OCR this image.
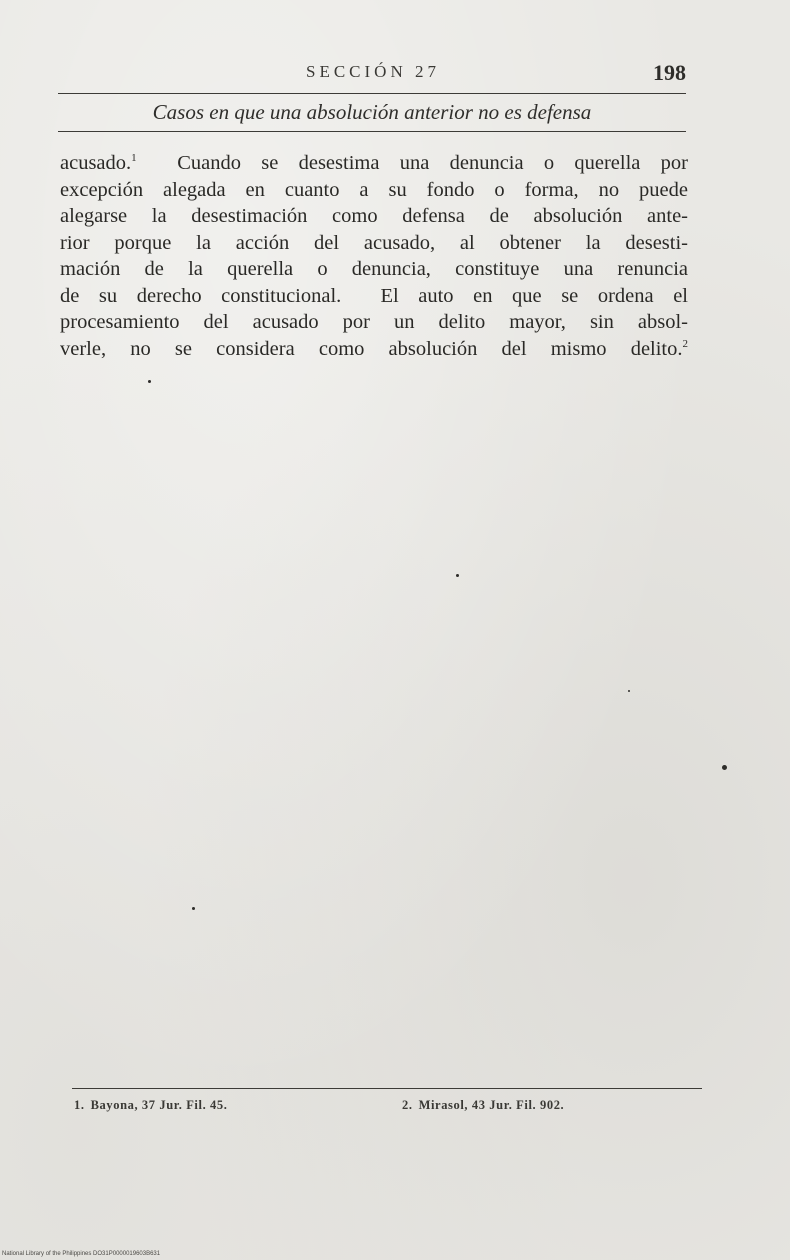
SECCIÓN 27	198
Casos en que una absolución anterior no es defensa
acusado.$^1$  Cuando se desestima una denuncia o querella por
excepción alegada en cuanto a su fondo o forma, no puede
alegarse la desestimación como defensa de absolución ante-
rior porque la acción del acusado, al obtener la desesti-
mación de la querella o denuncia, constituye una renuncia
de su derecho constitucional.  El auto en que se ordena el
procesamiento del acusado por un delito mayor, sin absol-
verle, no se considera como absolución del mismo delito.$^2$
1. Bayona, 37 Jur. Fil. 45.	2. Mirasol, 43 Jur. Fil. 902.
National Library of the Philippines DO31P0000019603B631
